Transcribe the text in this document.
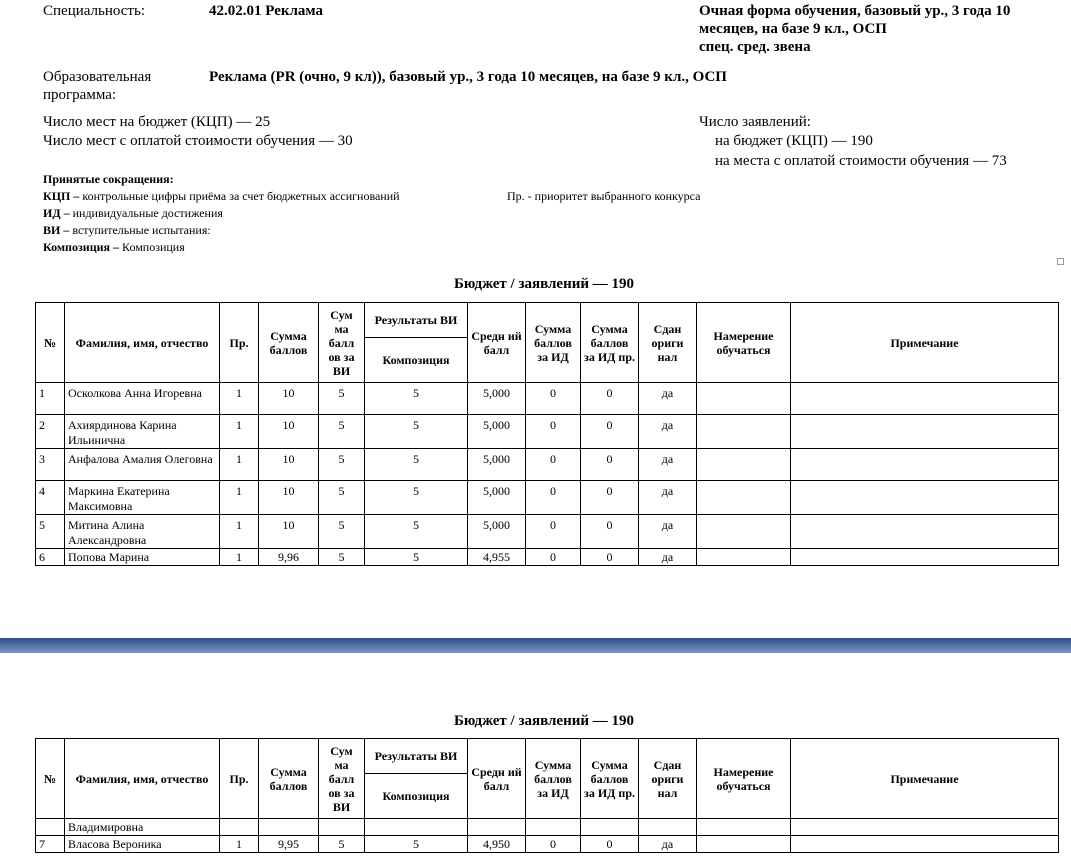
Специальность:	42.02.01 Реклама	Очная форма обучения, базовый ур., 3 года 10
месяцев, на базе 9 кл., ОСП
спец. сред. звена
Образовательная
программа:
Реклама (PR (очно, 9 кл)), базовый ур., 3 года 10 месяцев, на базе 9 кл., ОСП
Число мест на бюджет (КЦП) — 25
Число мест с оплатой стоимости обучения — 30
Число заявлений:
на бюджет (КЦП) — 190
на места с оплатой стоимости обучения — 73
Принятые сокращения:
КЦП – контрольные цифры приёма за счет бюджетных ассигнований	Пр. - приоритет выбранного конкурса
ИД – индивидуальные достижения
ВИ – вступительные испытания:
Композиция – Композиция
Бюджет / заявлений — 190
№	Фамилия, имя, отчество	Пр.	Сумма баллов	Сум ма балл ов за ВИ	Результаты ВИ	Средн ий балл	Сумма баллов за ИД	Сумма баллов за ИД пр.	Сдан ориги нал	Намерение обучаться	Примечание
					Композиция						
1	Осколкова Анна Игоревна	1	10	5	5	5,000	0	0	да		
2	Ахиярдинова Карина Ильинична	1	10	5	5	5,000	0	0	да		
3	Анфалова Амалия Олеговна	1	10	5	5	5,000	0	0	да		
4	Маркина Екатерина Максимовна	1	10	5	5	5,000	0	0	да		
5	Митина Алина Александровна	1	10	5	5	5,000	0	0	да		
6	Попова Марина	1	9,96	5	5	4,955	0	0	да		
Бюджет / заявлений — 190
№	Фамилия, имя, отчество	Пр.	Сумма баллов	Сум ма балл ов за ВИ	Результаты ВИ	Средн ий балл	Сумма баллов за ИД	Сумма баллов за ИД пр.	Сдан ориги нал	Намерение обучаться	Примечание
					Композиция						
	Владимировна										
7	Власова Вероника	1	9,95	5	5	4,950	0	0	да		
